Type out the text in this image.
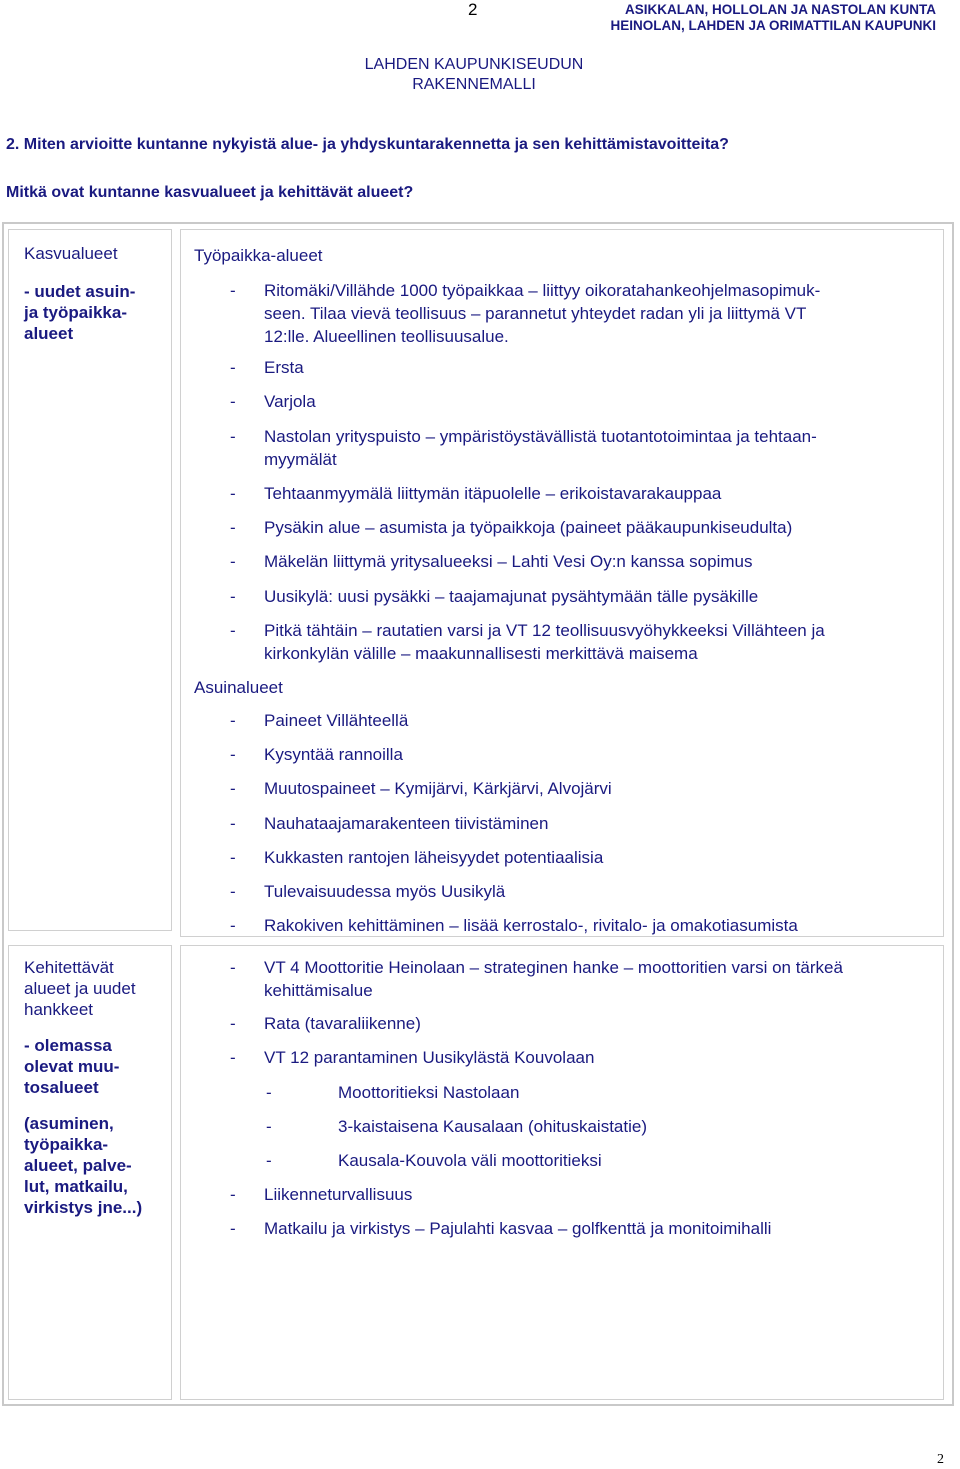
2	ASIKKALAN, HOLLOLAN JA NASTOLAN KUNTA
HEINOLAN, LAHDEN JA ORIMATTILAN KAUPUNKI
LAHDEN KAUPUNKISEUDUN
RAKENNEMALLI
2. Miten arvioitte kuntanne nykyistä alue- ja yhdyskuntarakennetta ja sen kehittämistavoitteita?
Mitkä ovat kuntanne kasvualueet ja kehittävät alueet?
Kasvualueet
- uudet asuin-
ja työpaikka-
alueet
Työpaikka-alueet
- Ritomäki/Villähde 1000 työpaikkaa – liittyy oikoratahankeohjelmasopimuk-
seen. Tilaa vievä teollisuus – parannetut yhteydet radan yli ja liittymä VT
12:lle. Alueellinen teollisuusalue.
- Ersta
- Varjola
- Nastolan yrityspuisto – ympäristöystävällistä tuotantotoimintaa ja tehtaan-
myymälät
- Tehtaanmyymälä liittymän itäpuolelle – erikoistavarakauppaa
- Pysäkin alue – asumista ja työpaikkoja (paineet pääkaupunkiseudulta)
- Mäkelän liittymä yritysalueeksi – Lahti Vesi Oy:n kanssa sopimus
- Uusikylä: uusi pysäkki – taajamajunat pysähtymään tälle pysäkille
- Pitkä tähtäin – rautatien varsi ja VT 12 teollisuusvyöhykkeeksi Villähteen ja
kirkonkylän välille – maakunnallisesti merkittävä maisema
Asuinalueet
- Paineet Villähteellä
- Kysyntää rannoilla
- Muutospaineet – Kymijärvi, Kärkjärvi, Alvojärvi
- Nauhataajamarakenteen tiivistäminen
- Kukkasten rantojen läheisyydet potentiaalisia
- Tulevaisuudessa myös Uusikylä
- Rakokiven kehittäminen – lisää kerrostalo-, rivitalo- ja omakotiasumista
Kehitettävät
alueet ja uudet
hankkeet
- olemassa
olevat muu-
tosalueet
(asuminen,
työpaikka-
alueet, palve-
lut, matkailu,
virkistys jne...)
- VT 4 Moottoritie Heinolaan – strateginen hanke – moottoritien varsi on tärkeä
kehittämisalue
- Rata (tavaraliikenne)
- VT 12 parantaminen Uusikylästä Kouvolaan
-	Moottoritieksi Nastolaan
-	3-kaistaisena Kausalaan (ohituskaistatie)
-	Kausala-Kouvola väli moottoritieksi
- Liikenneturvallisuus
- Matkailu ja virkistys – Pajulahti kasvaa – golfkenttä ja monitoimihalli
2
